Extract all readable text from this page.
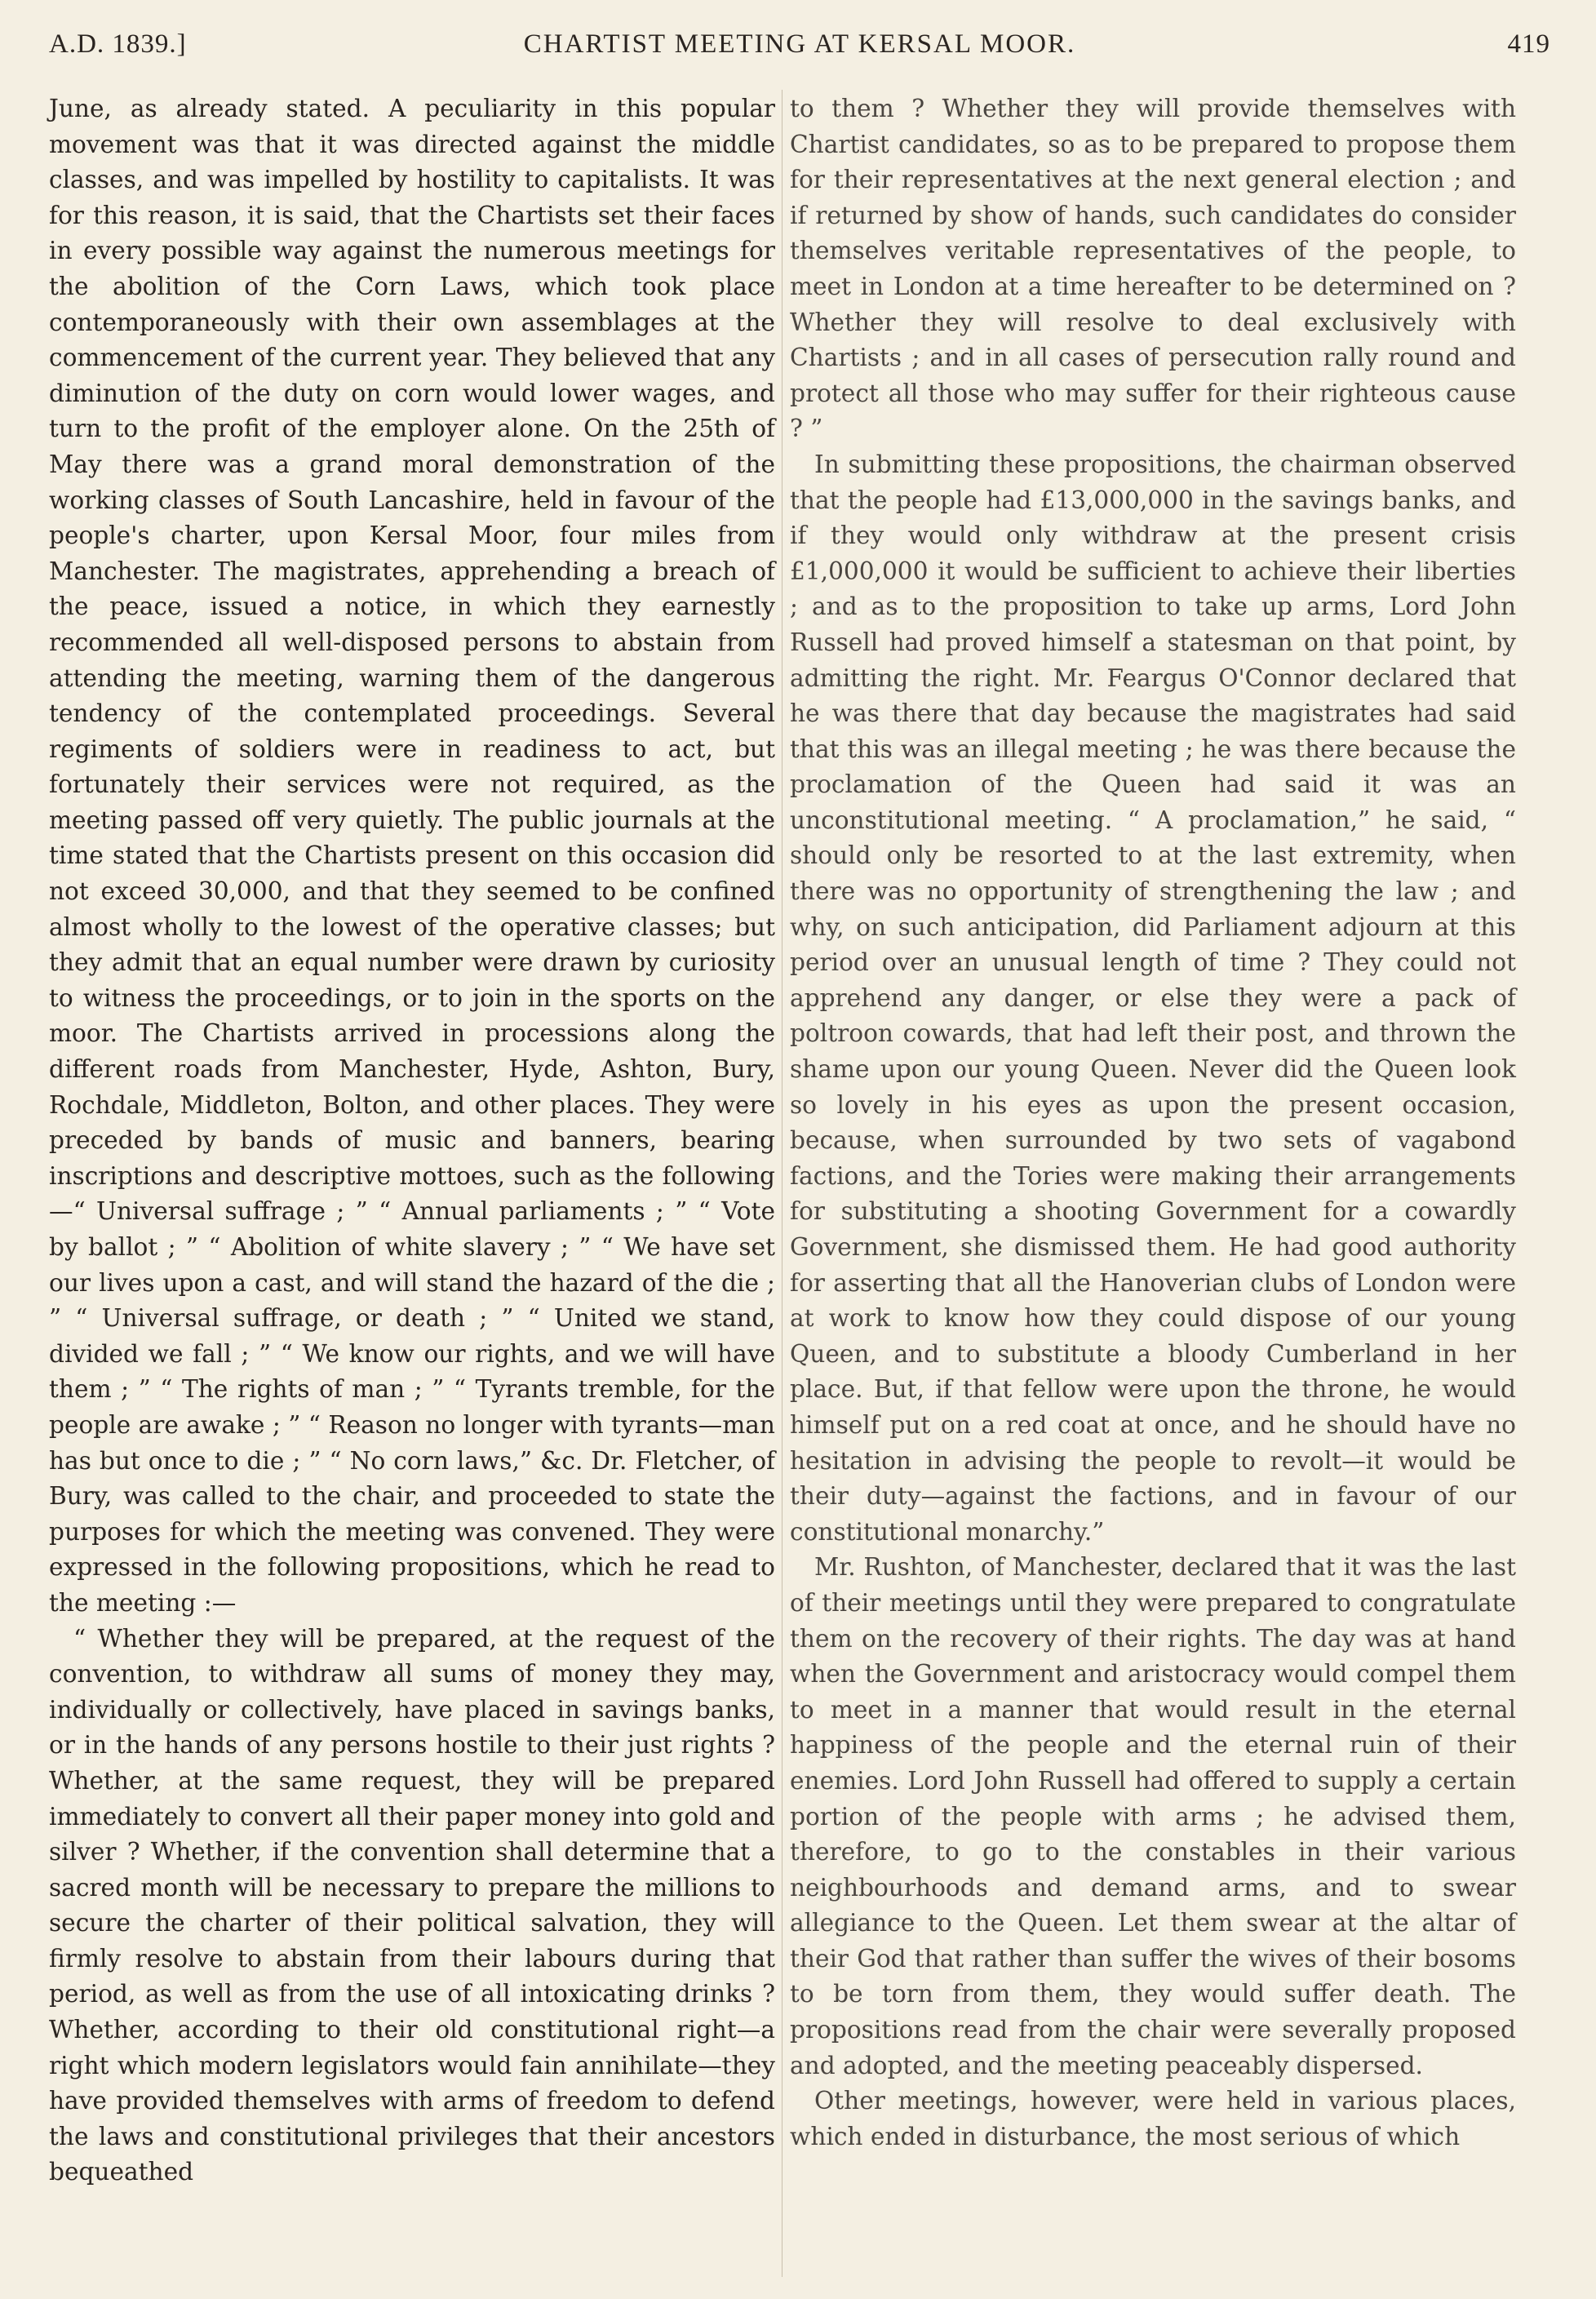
A.D. 1839.]	CHARTIST MEETING AT KERSAL MOOR.	419

June, as already stated. A peculiarity in this popular movement was that it was directed against the middle classes, and was impelled by hostility to capitalists. It was for this reason, it is said, that the Chartists set their faces in every possible way against the numerous meetings for the abolition of the Corn Laws, which took place contemporaneously with their own assemblages at the commencement of the current year. They believed that any diminution of the duty on corn would lower wages, and turn to the profit of the employer alone. On the 25th of May there was a grand moral demonstration of the working classes of South Lancashire, held in favour of the people's charter, upon Kersal Moor, four miles from Manchester. The magistrates, apprehending a breach of the peace, issued a notice, in which they earnestly recommended all well-disposed persons to abstain from attending the meeting, warning them of the dangerous tendency of the contemplated proceedings. Several regiments of soldiers were in readiness to act, but fortunately their services were not required, as the meeting passed off very quietly. The public journals at the time stated that the Chartists present on this occasion did not exceed 30,000, and that they seemed to be confined almost wholly to the lowest of the operative classes; but they admit that an equal number were drawn by curiosity to witness the proceedings, or to join in the sports on the moor. The Chartists arrived in processions along the different roads from Manchester, Hyde, Ashton, Bury, Rochdale, Middleton, Bolton, and other places. They were preceded by bands of music and banners, bearing inscriptions and descriptive mottoes, such as the following—“ Universal suffrage ; ” “ Annual parliaments ; ” “ Vote by ballot ; ” “ Abolition of white slavery ; ” “ We have set our lives upon a cast, and will stand the hazard of the die ; ” “ Universal suffrage, or death ; ” “ United we stand, divided we fall ; ” “ We know our rights, and we will have them ; ” “ The rights of man ; ” “ Tyrants tremble, for the people are awake ; ” “ Reason no longer with tyrants—man has but once to die ; ” “ No corn laws,” &c. Dr. Fletcher, of Bury, was called to the chair, and proceeded to state the purposes for which the meeting was convened. They were expressed in the following propositions, which he read to the meeting :—

“ Whether they will be prepared, at the request of the convention, to withdraw all sums of money they may, individually or collectively, have placed in savings banks, or in the hands of any persons hostile to their just rights ? Whether, at the same request, they will be prepared immediately to convert all their paper money into gold and silver ? Whether, if the convention shall determine that a sacred month will be necessary to prepare the millions to secure the charter of their political salvation, they will firmly resolve to abstain from their labours during that period, as well as from the use of all intoxicating drinks ? Whether, according to their old constitutional right—a right which modern legislators would fain annihilate—they have provided themselves with arms of freedom to defend the laws and constitutional privileges that their ancestors bequeathed

to them ? Whether they will provide themselves with Chartist candidates, so as to be prepared to propose them for their representatives at the next general election ; and if returned by show of hands, such candidates do consider themselves veritable representatives of the people, to meet in London at a time hereafter to be determined on ? Whether they will resolve to deal exclusively with Chartists ; and in all cases of persecution rally round and protect all those who may suffer for their righteous cause ? ”

In submitting these propositions, the chairman observed that the people had £13,000,000 in the savings banks, and if they would only withdraw at the present crisis £1,000,000 it would be sufficient to achieve their liberties ; and as to the proposition to take up arms, Lord John Russell had proved himself a statesman on that point, by admitting the right. Mr. Feargus O'Connor declared that he was there that day because the magistrates had said that this was an illegal meeting ; he was there because the proclamation of the Queen had said it was an unconstitutional meeting. “ A proclamation,” he said, “ should only be resorted to at the last extremity, when there was no opportunity of strengthening the law ; and why, on such anticipation, did Parliament adjourn at this period over an unusual length of time ? They could not apprehend any danger, or else they were a pack of poltroon cowards, that had left their post, and thrown the shame upon our young Queen. Never did the Queen look so lovely in his eyes as upon the present occasion, because, when surrounded by two sets of vagabond factions, and the Tories were making their arrangements for substituting a shooting Government for a cowardly Government, she dismissed them. He had good authority for asserting that all the Hanoverian clubs of London were at work to know how they could dispose of our young Queen, and to substitute a bloody Cumberland in her place. But, if that fellow were upon the throne, he would himself put on a red coat at once, and he should have no hesitation in advising the people to revolt—it would be their duty—against the factions, and in favour of our constitutional monarchy.”

Mr. Rushton, of Manchester, declared that it was the last of their meetings until they were prepared to congratulate them on the recovery of their rights. The day was at hand when the Government and aristocracy would compel them to meet in a manner that would result in the eternal happiness of the people and the eternal ruin of their enemies. Lord John Russell had offered to supply a certain portion of the people with arms ; he advised them, therefore, to go to the constables in their various neighbourhoods and demand arms, and to swear allegiance to the Queen. Let them swear at the altar of their God that rather than suffer the wives of their bosoms to be torn from them, they would suffer death. The propositions read from the chair were severally proposed and adopted, and the meeting peaceably dispersed.

Other meetings, however, were held in various places, which ended in disturbance, the most serious of which
